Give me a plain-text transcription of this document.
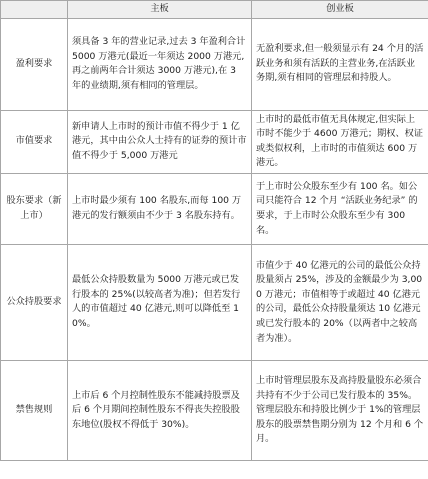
	主板	创业板
盈利要求	须具备 3 年的营业记录,过去 3 年盈利合计 5000 万港元(最近一年须达 2000 万港元,再之前两年合计须达 3000 万港元),在 3 年的业绩期,须有相同的管理层。	无盈利要求,但一般须显示有 24 个月的活跃业务和须有活跃的主营业务,在活跃业务期,须有相同的管理层和持股人。
市值要求	新申请人上市时的预计市值不得少于 1 亿港元，其中由公众人士持有的证券的预计市值不得少于 5,000 万港元	上市时的最低市值无具体规定,但实际上市时不能少于 4600 万港元；期权、权证或类似权利，上市时的市值须达 600 万港元。
股东要求（新上市）	上市时最少须有 100 名股东,而每 100 万港元的发行额须由不少于 3 名股东持有。	于上市时公众股东至少有 100 名。如公司只能符合 12 个月 “活跃业务纪录” 的要求，于上市时公众股东至少有 300 名。
公众持股要求	最低公众持股数量为 5000 万港元或已发行股本的 25%(以较高者为准)；但若发行人的市值超过 40 亿港元,则可以降低至 10%。	市值少于 40 亿港元的公司的最低公众持股量须占 25%，涉及的金额最少为 3,000 万港元；市值相等于或超过 40 亿港元的公司，最低公众持股量须达 10 亿港元或已发行股本的 20%（以两者中之较高者为准）。
禁售规则	上市后 6 个月控制性股东不能减持股票及后 6 个月期间控制性股东不得丧失控股股东地位(股权不得低于 30%)。	上市时管理层股东及高持股量股东必须合共持有不少于公司已发行股本的 35%。管理层股东和持股比例少于 1%的管理层股东的股票禁售期分别为 12 个月和 6 个月。
